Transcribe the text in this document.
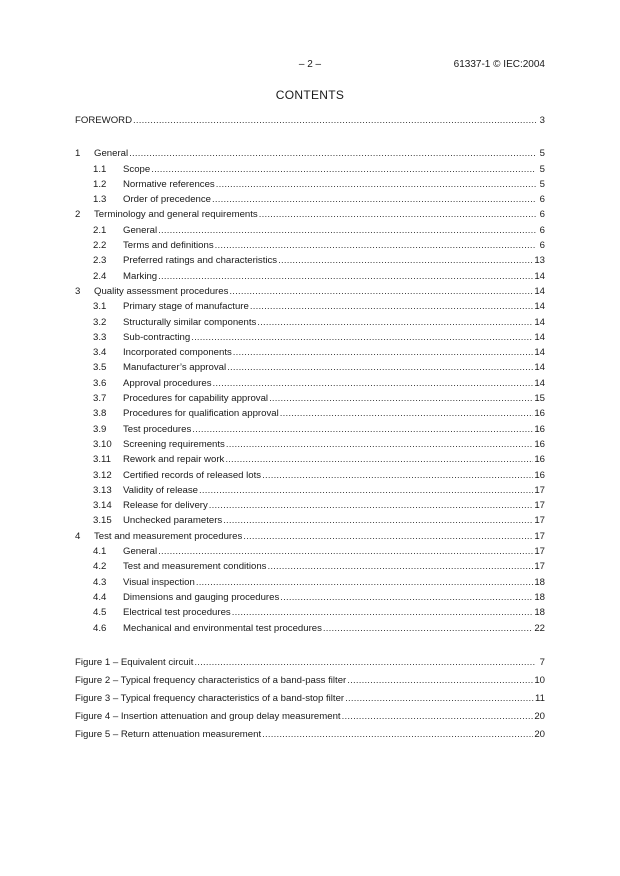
– 2 –	61337-1 © IEC:2004
CONTENTS
FOREWORD .....	3
1	General .....	5
1.1	Scope .....	5
1.2	Normative references .....	5
1.3	Order of precedence .....	6
2	Terminology and general requirements .....	6
2.1	General .....	6
2.2	Terms and definitions .....	6
2.3	Preferred ratings and characteristics .....	13
2.4	Marking .....	14
3	Quality assessment procedures .....	14
3.1	Primary stage of manufacture .....	14
3.2	Structurally similar components .....	14
3.3	Sub-contracting .....	14
3.4	Incorporated components .....	14
3.5	Manufacturer’s approval .....	14
3.6	Approval procedures .....	14
3.7	Procedures for capability approval .....	15
3.8	Procedures for qualification approval .....	16
3.9	Test procedures .....	16
3.10	Screening requirements .....	16
3.11	Rework and repair work .....	16
3.12	Certified records of released lots .....	16
3.13	Validity of release .....	17
3.14	Release for delivery .....	17
3.15	Unchecked parameters .....	17
4	Test and measurement procedures .....	17
4.1	General .....	17
4.2	Test and measurement conditions .....	17
4.3	Visual inspection .....	18
4.4	Dimensions and gauging procedures .....	18
4.5	Electrical test procedures .....	18
4.6	Mechanical and environmental test procedures .....	22
Figure 1 – Equivalent circuit .....	7
Figure 2 – Typical frequency characteristics of a band-pass filter .....	10
Figure 3 – Typical frequency characteristics of a band-stop filter .....	11
Figure 4 – Insertion attenuation and group delay measurement .....	20
Figure 5 – Return attenuation measurement .....	20
